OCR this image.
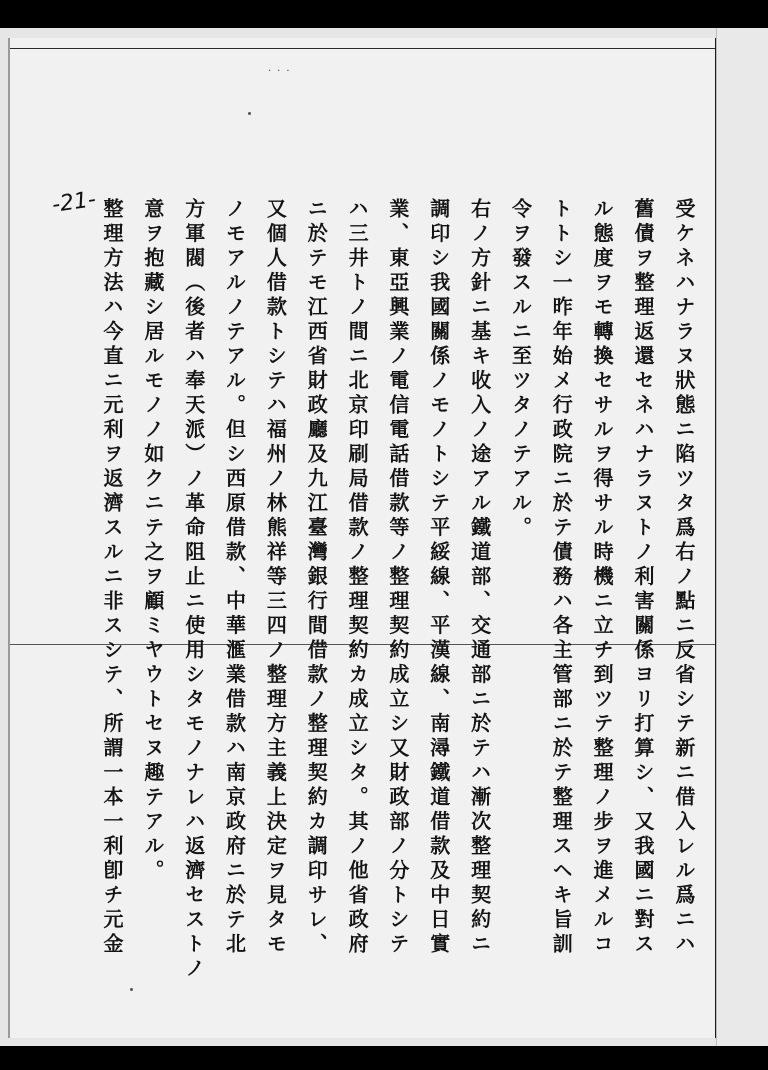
···
-21-	受ケネハナラヌ狀態ニ陷ツタ爲右ノ點ニ反省シテ新ニ借入レル爲ニハ
舊債ヲ整理返還セネハナラヌトノ利害關係ヨリ打算シ、又我國ニ對ス
ル態度ヲモ轉換セサルヲ得サル時機ニ立チ到ツテ整理ノ步ヲ進メルコ
トトシ一昨年始メ行政院ニ於テ債務ハ各主管部ニ於テ整理スヘキ旨訓
令ヲ發スルニ至ツタノテアル。
右ノ方針ニ基キ收入ノ途アル鐵道部、交通部ニ於テハ漸次整理契約ニ
調印シ我國關係ノモノトシテ平綏線、平漢線、南潯鐵道借款及中日實
業、東亞興業ノ電信電話借款等ノ整理契約成立シ又財政部ノ分トシテ
ハ三井トノ間ニ北京印刷局借款ノ整理契約カ成立シタ。其ノ他省政府
ニ於テモ江西省財政廳及九江臺灣銀行間借款ノ整理契約カ調印サレ、
又個人借款トシテハ福州ノ林熊祥等三四ノ整理方主義上決定ヲ見タモ
ノモアルノテアル。但シ西原借款、中華滙業借款ハ南京政府ニ於テ北
方軍閥（後者ハ奉天派）ノ革命阻止ニ使用シタモノナレハ返濟セストノ
意ヲ抱藏シ居ルモノノ如クニテ之ヲ顧ミヤウトセヌ趣テアル。
整理方法ハ今直ニ元利ヲ返濟スルニ非スシテ、所謂一本一利卽チ元金
